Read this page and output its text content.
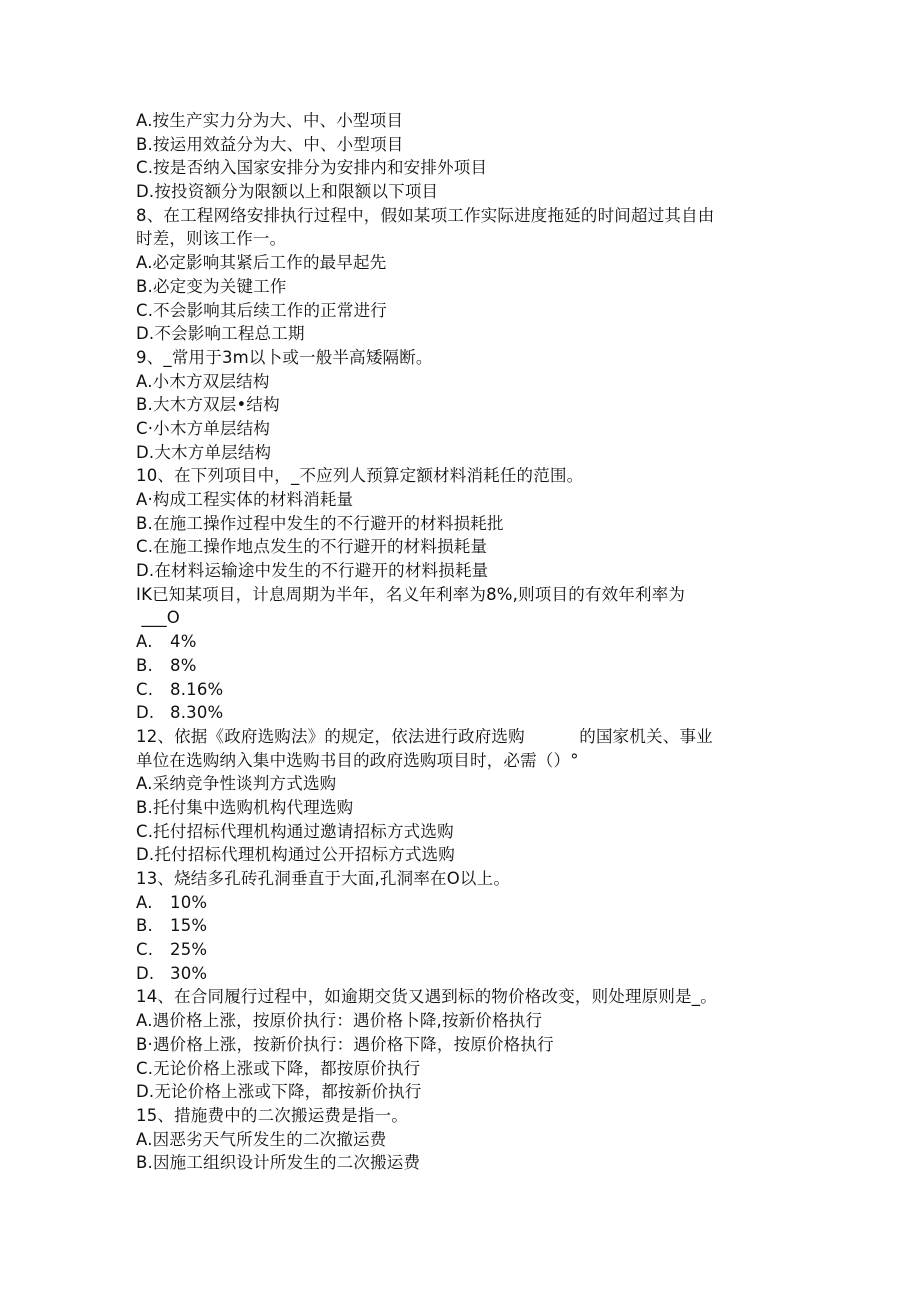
A.按生产实力分为大、中、小型项目
B.按运用效益分为大、中、小型项目
C.按是否纳入国家安排分为安排内和安排外项目
D.按投资额分为限额以上和限额以下项目
8、在工程网络安排执行过程中，假如某项工作实际进度拖延的时间超过其自由
时差，则该工作一。
A.必定影响其紧后工作的最早起先
B.必定变为关键工作
C.不会影响其后续工作的正常进行
D.不会影响工程总工期
9、_常用于3m以卜或一般半高矮隔断。
A.小木方双层结构
B.大木方双层•结构
C·小木方单层结构
D.大木方单层结构
10、在下列项目中，_不应列人预算定额材料消耗任的范围。
A·构成工程实体的材料消耗量
B.在施工操作过程中发生的不行避开的材料损耗批
C.在施工操作地点发生的不行避开的材料损耗量
D.在材料运输途中发生的不行避开的材料损耗量
IK已知某项目，计息周期为半年，名义年利率为8%,则项目的有效年利率为
___O
A.	4%
B.	8%
C.	8.16%
D. 8.30%
12、依据《政府选购法》的规定，依法进行政府选购          的国家机关、事业
单位在选购纳入集中选购书目的政府选购项目时，必需（）°
A.采纳竞争性谈判方式选购
B.托付集中选购机构代理选购
C.托付招标代理机构通过邀请招标方式选购
D.托付招标代理机构通过公开招标方式选购
13、烧结多孔砖孔洞垂直于大面,孔洞率在O以上。
A.	10%
B.	15%
C.	25%
D. 30%
14、在合同履行过程中，如逾期交货又遇到标的物价格改变，则处理原则是_。
A.遇价格上涨，按原价执行：遇价格卜降,按新价格执行
B·遇价格上涨，按新价执行：遇价格下降，按原价格执行
C.无论价格上涨或下降，都按原价执行
D.无论价格上涨或下降，都按新价执行
15、措施费中的二次搬运费是指一。
A.因恶劣天气所发生的二次撤运费
B.因施工组织设计所发生的二次搬运费
